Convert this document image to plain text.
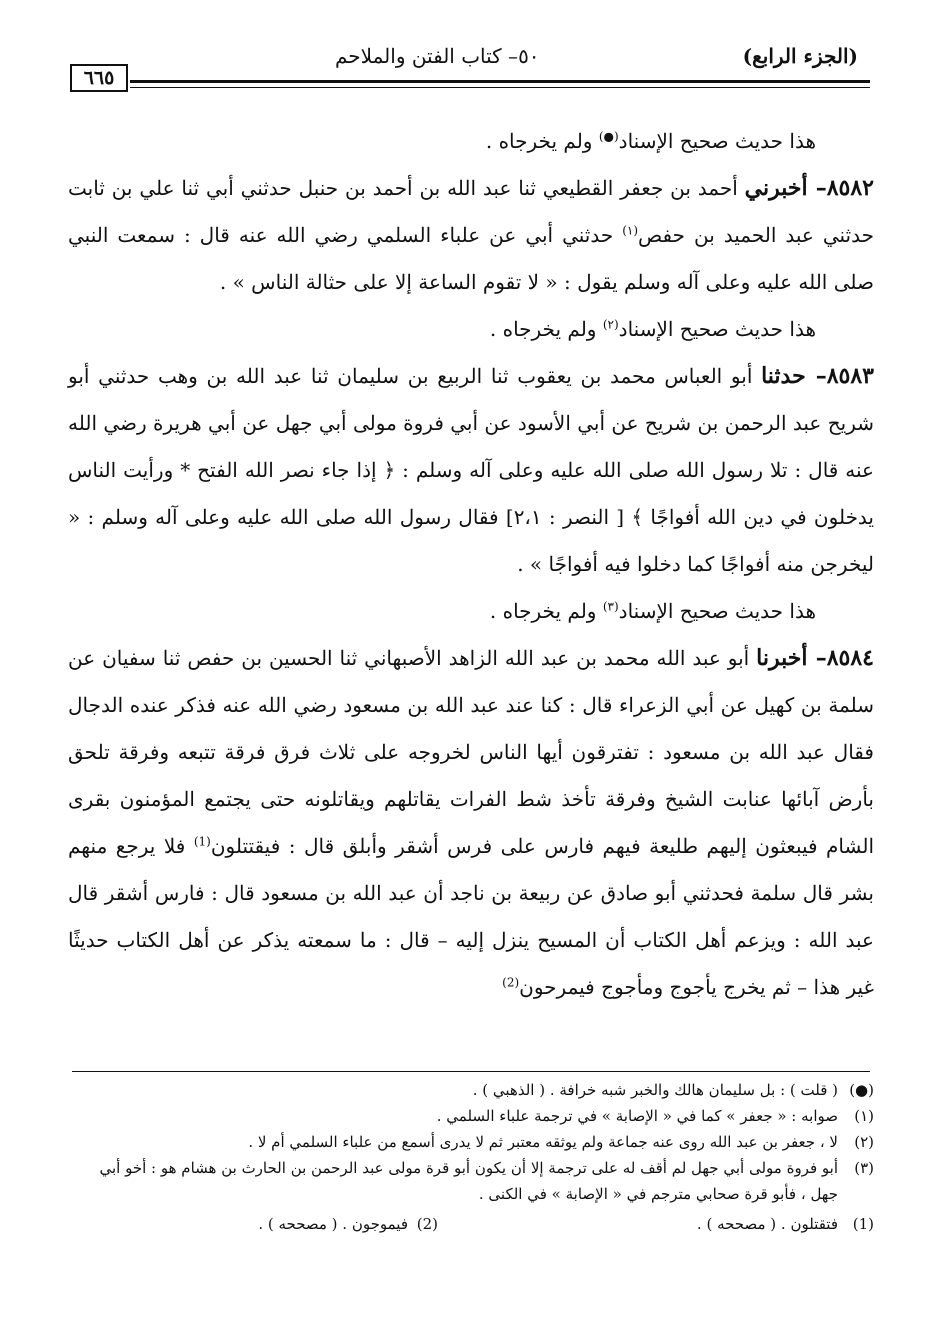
(الجزء الرابع)
٥٠– كتاب الفتن والملاحم
٦٦٥

هذا حديث صحيح الإسناد(●) ولم يخرجاه .

٨٥٨٢– أخبرني أحمد بن جعفر القطيعي ثنا عبد الله بن أحمد بن حنبل حدثني أبي ثنا علي بن ثابت حدثني عبد الحميد بن حفص$^{(١)}$ حدثني أبي عن علباء السلمي رضي الله عنه قال : سمعت النبي صلى الله عليه وعلى آله وسلم يقول : « لا تقوم الساعة إلا على حثالة الناس » .

هذا حديث صحيح الإسناد$^{(٢)}$ ولم يخرجاه .

٨٥٨٣– حدثنا أبو العباس محمد بن يعقوب ثنا الربيع بن سليمان ثنا عبد الله بن وهب حدثني أبو شريح عبد الرحمن بن شريح عن أبي الأسود عن أبي فروة مولى أبي جهل عن أبي هريرة رضي الله عنه قال : تلا رسول الله صلى الله عليه وعلى آله وسلم : ﴿ إذا جاء نصر الله الفتح * ورأيت الناس يدخلون في دين الله أفواجًا ﴾ [ النصر : ٢،١] فقال رسول الله صلى الله عليه وعلى آله وسلم : « ليخرجن منه أفواجًا كما دخلوا فيه أفواجًا » .

هذا حديث صحيح الإسناد$^{(٣)}$ ولم يخرجاه .

٨٥٨٤– أخبرنا أبو عبد الله محمد بن عبد الله الزاهد الأصبهاني ثنا الحسين بن حفص ثنا سفيان عن سلمة بن كهيل عن أبي الزعراء قال : كنا عند عبد الله بن مسعود رضي الله عنه فذكر عنده الدجال فقال عبد الله بن مسعود : تفترقون أيها الناس لخروجه على ثلاث فرق فرقة تتبعه وفرقة تلحق بأرض آبائها عنابت الشيخ وفرقة تأخذ شط الفرات يقاتلهم ويقاتلونه حتى يجتمع المؤمنون بقرى الشام فيبعثون إليهم طليعة فيهم فارس على فرس أشقر وأبلق قال : فيقتتلون$^{(1)}$ فلا يرجع منهم بشر قال سلمة فحدثني أبو صادق عن ربيعة بن ناجد أن عبد الله بن مسعود قال : فارس أشقر قال عبد الله : ويزعم أهل الكتاب أن المسيح ينزل إليه – قال : ما سمعته يذكر عن أهل الكتاب حديثًا غير هذا – ثم يخرج يأجوج ومأجوج فيمرحون$^{(2)}$

(●)
( قلت ) : بل سليمان هالك والخبر شبه خرافة . ( الذهبي ) .
(١)
صوابه : « جعفر » كما في « الإصابة » في ترجمة علباء السلمي .
(٢)
لا ، جعفر بن عبد الله روى عنه جماعة ولم يوثقه معتبر ثم لا يدرى أسمع من علباء السلمي أم لا .
(٣)
أبو فروة مولى أبي جهل لم أقف له على ترجمة إلا أن يكون أبو قرة مولى عبد الرحمن بن الحارث بن هشام هو : أخو أبي جهل ، فأبو قرة صحابي مترجم في « الإصابة » في الكنى .
(1)
فتقتلون . ( مصححه ) .
(2)
فيموجون . ( مصححه ) .
